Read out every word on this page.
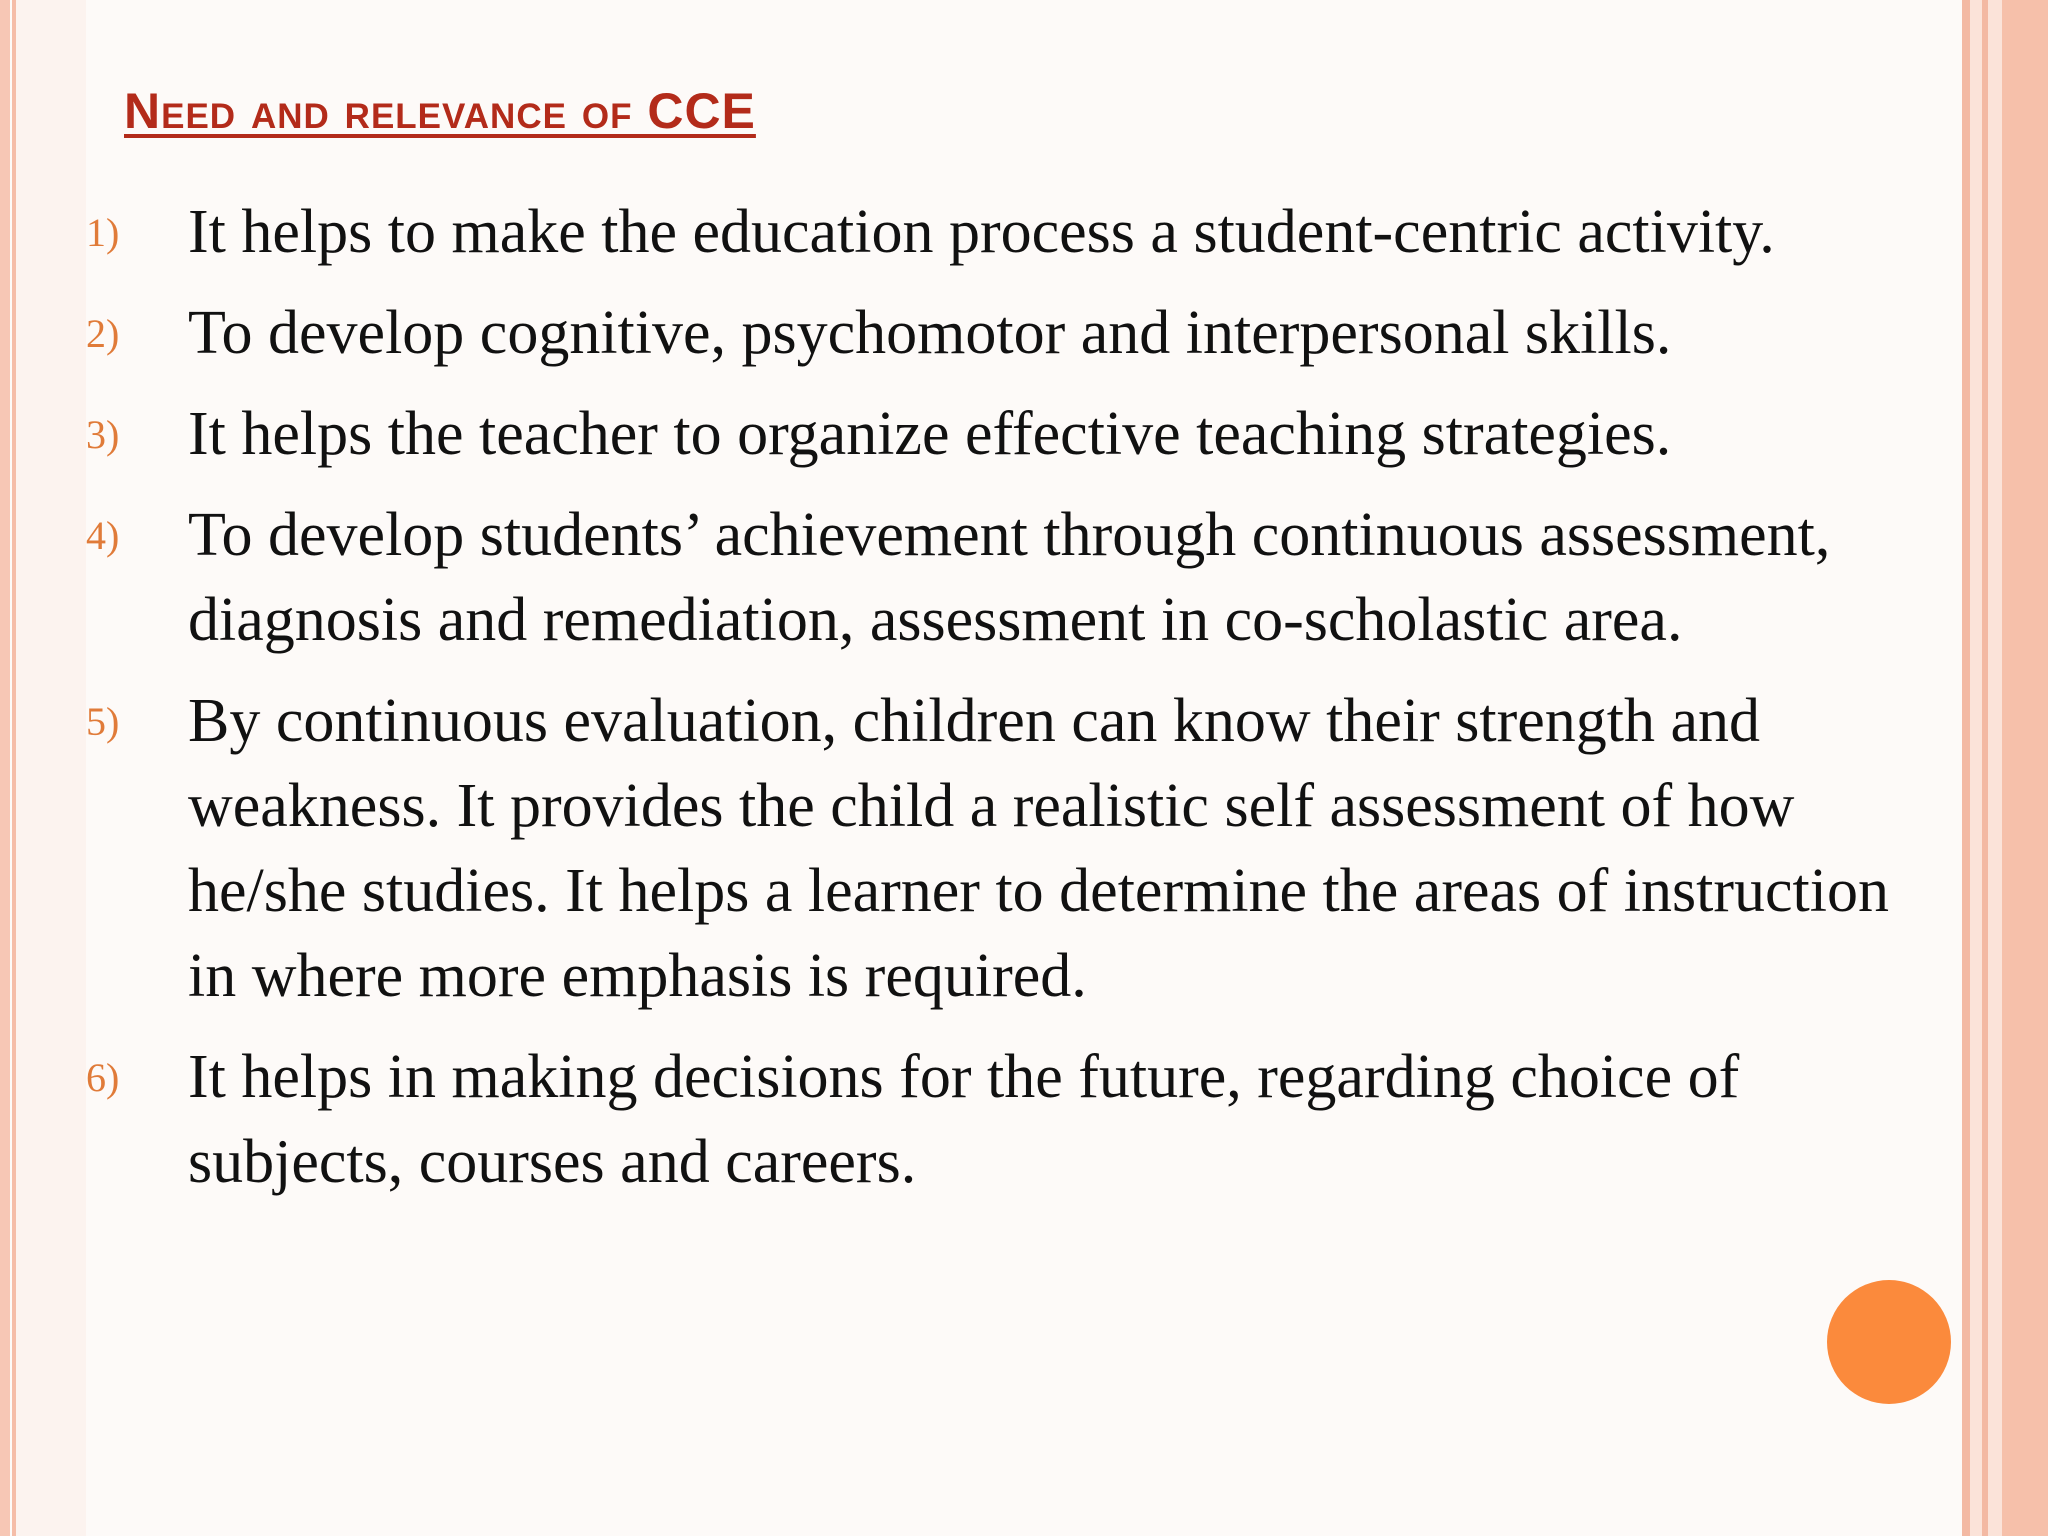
Need and relevance of CCE
1) It helps to make the education process a student-centric activity.
2) To develop cognitive, psychomotor and interpersonal skills.
3) It helps the teacher to organize effective teaching strategies.
4) To develop students’ achievement through continuous assessment, diagnosis and remediation, assessment in co-scholastic area.
5) By continuous evaluation, children can know their strength and weakness. It provides the child a realistic self assessment of how he/she studies. It helps a learner to determine the areas of instruction in where more emphasis is required.
6) It helps in making decisions for the future, regarding choice of subjects, courses and careers.
